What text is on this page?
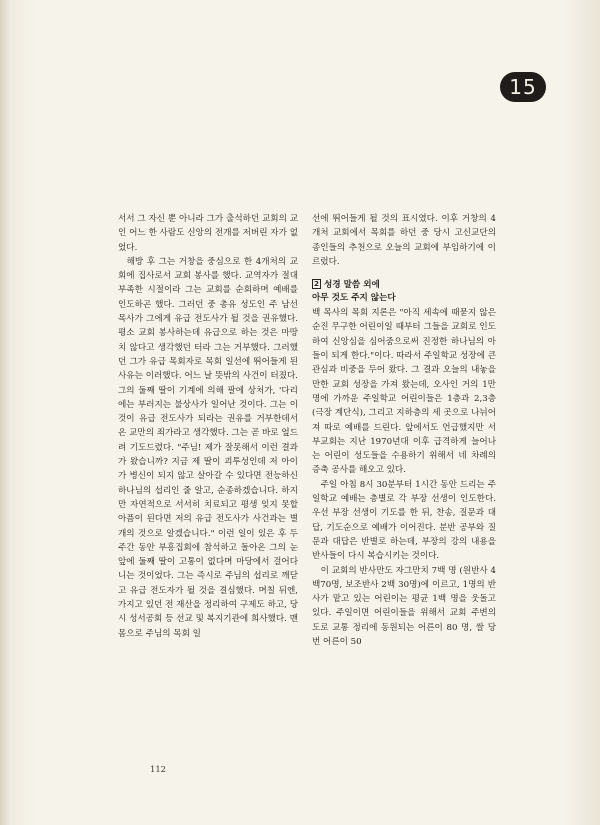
15

서서 그 자신 뿐 아니라 그가 출석하던 교회의 교인 어느 한 사람도 신앙의 전개를 저버린 자가 없었다.

해방 후 그는 거창을 중심으로 한 4개처의 교회에 집사로서 교회 봉사를 했다. 교역자가 절대 부족한 시절이라 그는 교회를 순회하며 예배를 인도하곤 했다. 그러던 중 총유 성도인 주 남선 목사가 그에게 유급 전도사가 될 것을 권유했다. 평소 교회 봉사하는데 유급으로 하는 것은 마땅치 않다고 생각했던 터라 그는 거부했다. 그러했던 그가 유급 목회자로 목회 일선에 뛰어들게 된 사유는 이러했다. 어느 날 뜻밖의 사건이 터졌다. 그의 둘째 딸이 기계에 의해 팔에 상처가, '다리에는 부러지는 불상사가 일어난 것이다. 그는 이것이 유급 전도사가 되라는 권유를 거부한데서 온 교만의 죄가라고 생각했다. 그는 곧 바로 엎드려 기도드렸다. "주님! 제가 잘못해서 이런 결과가 왔습니까? 지금 제 딸이 괴투성인데 저 아이가 병신이 되지 않고 살아갈 수 있다면 전능하신 하나님의 섭리인 줄 알고, 순종하겠습니다. 하지만 자연적으로 서서히 치료되고 평생 잊지 못할 아픔이 된다면 저의 유급 전도사가 사건과는 별개의 것으로 알겠습니다." 이런 일이 있은 후 두 주간 동안 부흥집회에 참석하고 돌아온 그의 눈 앞에 둘째 딸이 고통이 없다며 마당에서 걸어다니는 것이었다. 그는 즉시로 주님의 섭리로 깨닫고 유급 전도자가 될 것을 결심했다. 며칠 뒤엔, 가지고 있던 전 재산을 정리하여 구제도 하고, 당시 성서공회 등 선교 및 복지기관에 희사했다. 맨 몸으로 주님의 목회 일

선에 뛰어들게 될 것의 표시였다. 이후 거창의 4개처 교회에서 목회를 하던 중 당시 고신교단의 종인들의 추천으로 오늘의 교회에 부임하기에 이르렀다.

2 성경 말씀 외에
아무 것도 주지 않는다

백 목사의 목회 지론은 "아직 세속에 때묻지 않은 순진 무구한 어린이일 때부터 그들을 교회로 인도하여 신앙심을 심어줌으로써 진정한 하나님의 아들이 되게 한다."이다. 따라서 주일학교 성장에 큰 관심과 비중을 두어 왔다. 그 결과 오늘의 내놓을 만한 교회 성장을 가져 왔는데, 오사인 거의 1만 명에 가까운 주일학교 어린이들은 1층과 2,3층(극장 계단식), 그리고 지하층의 세 곳으로 나뉘어져 따로 예배를 드린다. 앞에서도 언급했지만 서부교회는 지난 1970년대 이후 급격하게 늘어나는 어린이 성도들을 수용하기 위해서 네 차례의 증축 공사를 해오고 있다.

주일 아침 8시 30분부터 1시간 동안 드리는 주일학교 예배는 층별로 각 부장 선생이 인도한다. 우선 부장 선생이 기도를 한 뒤, 찬송, 질문과 대답, 기도순으로 예배가 이어진다. 분반 공부와 질문과 대답은 반별로 하는데, 부장의 강의 내용을 반사들이 다시 복습시키는 것이다.

이 교회의 반사만도 자그만치 7백 명 (원반사 4백70명, 보조반사 2백 30명)에 이르고, 1명의 반사가 맡고 있는 어린이는 평균 1백 명을 웃돌고 있다. 주일이면 어린이들을 위해서 교회 주변의 도로 교통 정리에 동원되는 어른이 80 명, 쌀 당번 어른이 50

112
